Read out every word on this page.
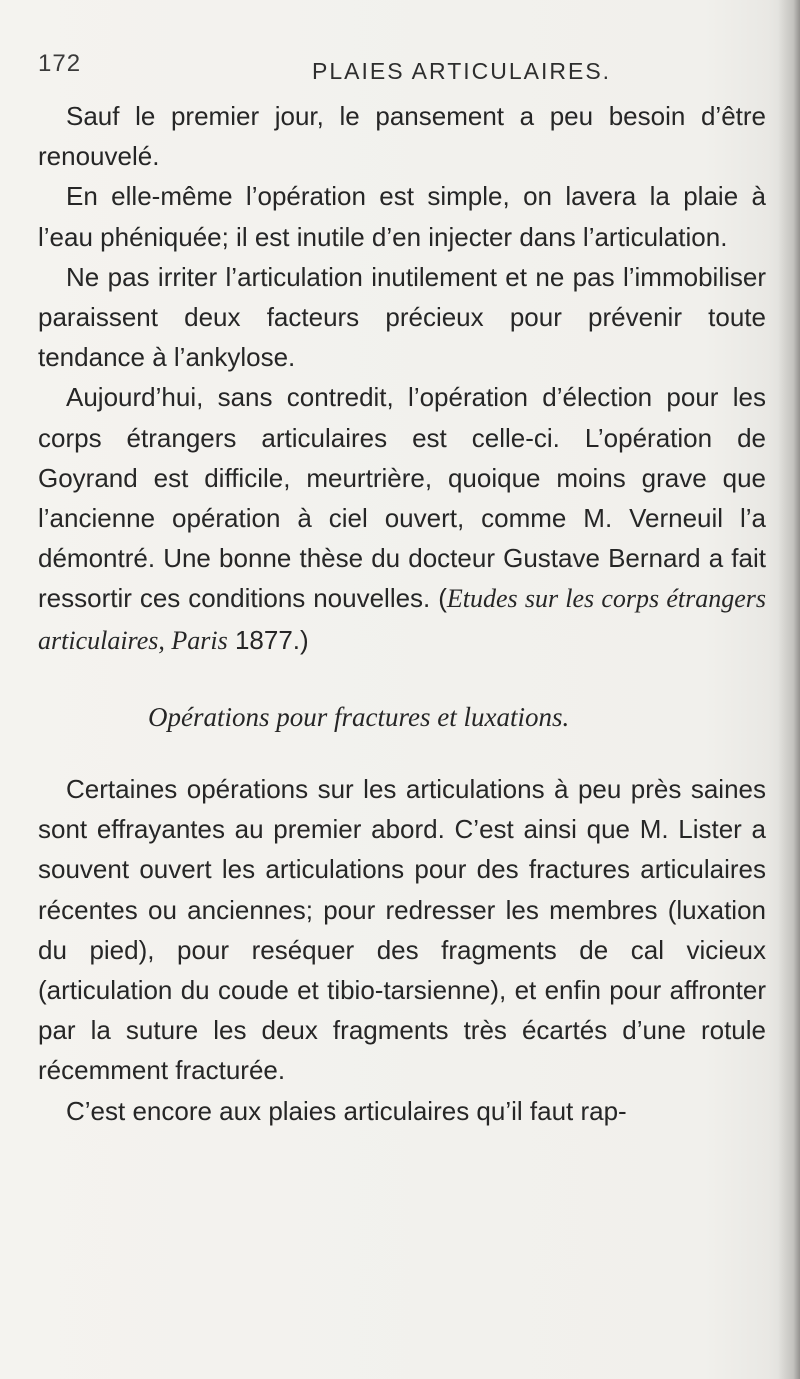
172	PLAIES ARTICULAIRES.

Sauf le premier jour, le pansement a peu besoin d’être renouvelé.

En elle-même l’opération est simple, on lavera la plaie à l’eau phéniquée; il est inutile d’en injecter dans l’articulation.

Ne pas irriter l’articulation inutilement et ne pas l’immobiliser paraissent deux facteurs précieux pour prévenir toute tendance à l’ankylose.

Aujourd’hui, sans contredit, l’opération d’élection pour les corps étrangers articulaires est celle-ci. L’opération de Goyrand est difficile, meurtrière, quoique moins grave que l’ancienne opération à ciel ouvert, comme M. Verneuil l’a démontré. Une bonne thèse du docteur Gustave Bernard a fait ressortir ces conditions nouvelles. (Etudes sur les corps étrangers articulaires, Paris 1877.)

Opérations pour fractures et luxations.

Certaines opérations sur les articulations à peu près saines sont effrayantes au premier abord. C’est ainsi que M. Lister a souvent ouvert les articulations pour des fractures articulaires récentes ou anciennes; pour redresser les membres (luxation du pied), pour reséquer des fragments de cal vicieux (articulation du coude et tibio-tarsienne), et enfin pour affronter par la suture les deux fragments très écartés d’une rotule récemment fracturée.

C’est encore aux plaies articulaires qu’il faut rap-
